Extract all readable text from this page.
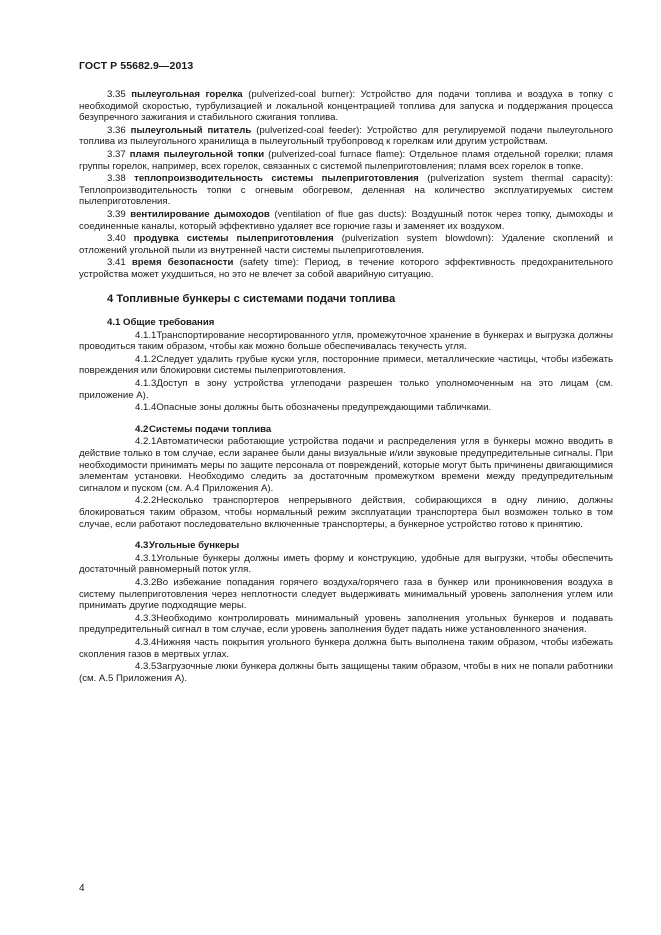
ГОСТ Р 55682.9—2013

3.35 пылеугольная горелка (pulverized-coal burner): Устройство для подачи топлива и воздуха в топку с необходимой скоростью, турбулизацией и локальной концентрацией топлива для запуска и поддержания процесса безупречного зажигания и стабильного сжигания топлива.

3.36 пылеугольный питатель (pulverized-coal feeder): Устройство для регулируемой подачи пылеугольного топлива из пылеугольного хранилища в пылеугольный трубопровод к горелкам или другим устройствам.

3.37 пламя пылеугольной топки (pulverized-coal furnace flame): Отдельное пламя отдельной горелки; пламя группы горелок, например, всех горелок, связанных с системой пылеприготовления; пламя всех горелок в топке.

3.38 теплопроизводительность системы пылеприготовления (pulverization system thermal capacity): Теплопроизводительность топки с огневым обогревом, деленная на количество эксплуатируемых систем пылеприготовления.

3.39 вентилирование дымоходов (ventilation of flue gas ducts): Воздушный поток через топку, дымоходы и соединенные каналы, который эффективно удаляет все горючие газы и заменяет их воздухом.

3.40 продувка системы пылеприготовления (pulverization system blowdown): Удаление скоплений и отложений угольной пыли из внутренней части системы пылеприготовления.

3.41 время безопасности (safety time): Период, в течение которого эффективность предохранительного устройства может ухудшиться, но это не влечет за собой аварийную ситуацию.

4 Топливные бункеры с системами подачи топлива
4.1 Общие требования

4.1.1Транспортирование несортированного угля, промежуточное хранение в бункерах и выгрузка должны проводиться таким образом, чтобы как можно больше обеспечивалась текучесть угля.

4.1.2Следует удалить грубые куски угля, посторонние примеси, металлические частицы, чтобы избежать повреждения или блокировки системы пылеприготовления.

4.1.3Доступ в зону устройства углеподачи разрешен только уполномоченным на это лицам (см. приложение А).

4.1.4Опасные зоны должны быть обозначены предупреждающими табличками.

4.2Системы подачи топлива

4.2.1Автоматически работающие устройства подачи и распределения угля в бункеры можно вводить в действие только в том случае, если заранее были даны визуальные и/или звуковые предупредительные сигналы. При необходимости принимать меры по защите персонала от повреждений, которые могут быть причинены двигающимися элементам установки. Необходимо следить за достаточным промежутком времени между предупредительным сигналом и пуском (см. А.4 Приложения А).

4.2.2Несколько транспортеров непрерывного действия, собирающихся в одну линию, должны блокироваться таким образом, чтобы нормальный режим эксплуатации транспортера был возможен только в том случае, если работают последовательно включенные транспортеры, а бункерное устройство готово к принятию.

4.3Угольные бункеры

4.3.1Угольные бункеры должны иметь форму и конструкцию, удобные для выгрузки, чтобы обеспечить достаточный равномерный поток угля.

4.3.2Во избежание попадания горячего воздуха/горячего газа в бункер или проникновения воздуха в систему пылеприготовления через неплотности следует выдерживать минимальный уровень заполнения углем или принимать другие подходящие меры.

4.3.3Необходимо контролировать минимальный уровень заполнения угольных бункеров и подавать предупредительный сигнал в том случае, если уровень заполнения будет падать ниже установленного значения.

4.3.4Нижняя часть покрытия угольного бункера должна быть выполнена таким образом, чтобы избежать скопления газов в мертвых углах.

4.3.5Загрузочные люки бункера должны быть защищены таким образом, чтобы в них не попали работники (см. А.5 Приложения А).

4
